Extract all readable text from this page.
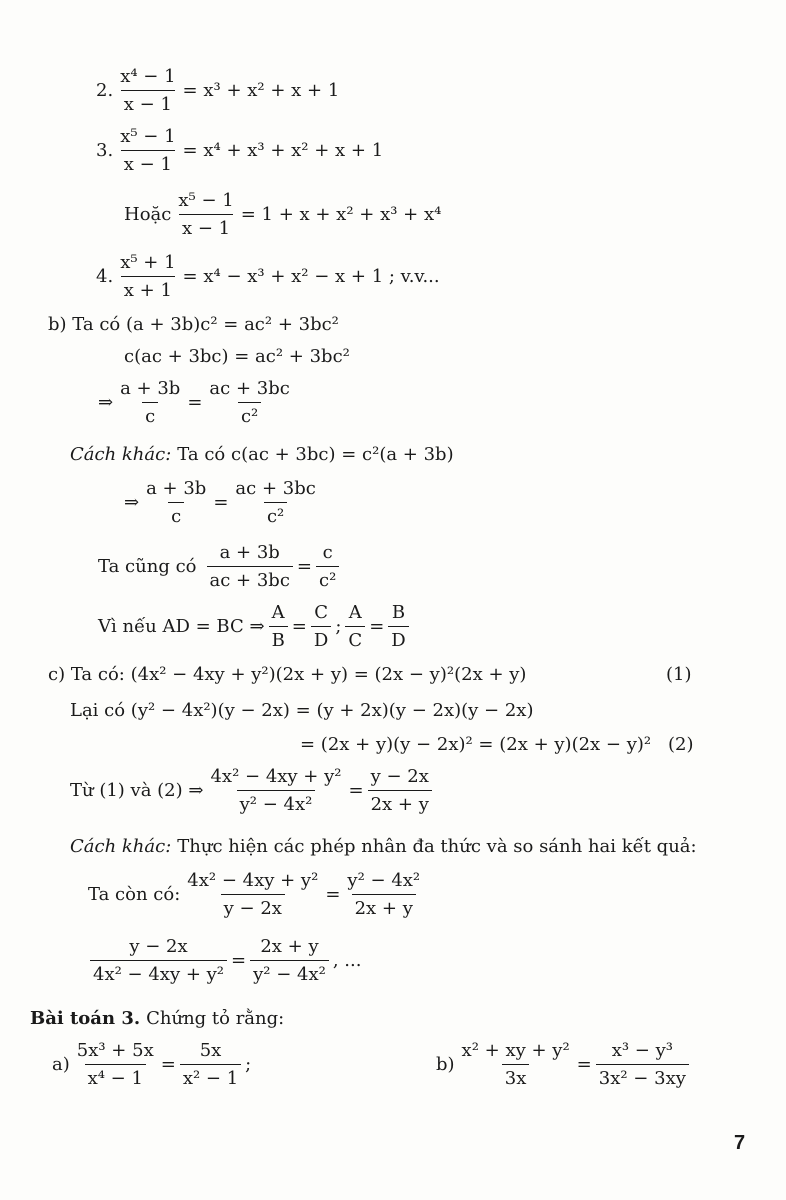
2. $\frac{\text{x⁴ − 1}}{x - 1} = x^3 + x^2 + x + 1$
3. $\frac{\text{x⁵ − 1}}{x - 1} = x^4 + x^3 + x^2 + x + 1$
Hoặc $\frac{\text{x⁵ − 1}}{x - 1} = 1 + x + x^2 + x^3 + x^4$
4. $\frac{\text{x⁵ + 1}}{x + 1} = x^4 - x^3 + x^2 - x + 1$ ; v.v...
b) Ta có (a + 3b)c² = ac² + 3bc²
c(ac + 3bc) = ac² + 3bc²
⇒ $\frac{a + 3b}{c} = \frac{ac + 3bc}{\text{c²}}$
Cách khác: Ta có c(ac + 3bc) = c²(a + 3b)
⇒ $\frac{a + 3b}{c} = \frac{ac + 3bc}{\text{c²}}$
Ta cũng có $\frac{a + 3b}{ac + 3bc} = \frac{c}{\text{c²}}$
Vì nếu AD = BC ⇒ $\frac{A}{B} = \frac{C}{D}$ ; $\frac{A}{C} = \frac{B}{D}$
c) Ta có: (4x² − 4xy + y²)(2x + y) = (2x − y)²(2x + y)	(1)
Lại có (y² − 4x²)(y − 2x) = (y + 2x)(y − 2x)(y − 2x)
= (2x + y)(y − 2x)² = (2x + y)(2x − y)² (2)
Từ (1) và (2) ⇒ $\frac{\text{4x² − 4xy + y²}}{\text{y² − 4x²}} = \frac{y - 2x}{2x + y}$
Cách khác: Thực hiện các phép nhân đa thức và so sánh hai kết quả:
Ta còn có: $\frac{\text{4x² − 4xy + y²}}{y - 2x} = \frac{\text{y² − 4x²}}{2x + y}$
$\frac{y - 2x}{\text{4x² − 4xy + y²}} = \frac{2x + y}{\text{y² − 4x²}}$ , ...
Bài toán 3. Chứng tỏ rằng:
$a) \frac{\text{5x³ + 5x}}{\text{x⁴ − 1}} = \frac{5x}{\text{x² − 1}}$ ;	$b) \frac{\text{x² + xy + y²}}{3x} = \frac{\text{x³ − y³}}{\text{3x² − 3xy}}$
7
